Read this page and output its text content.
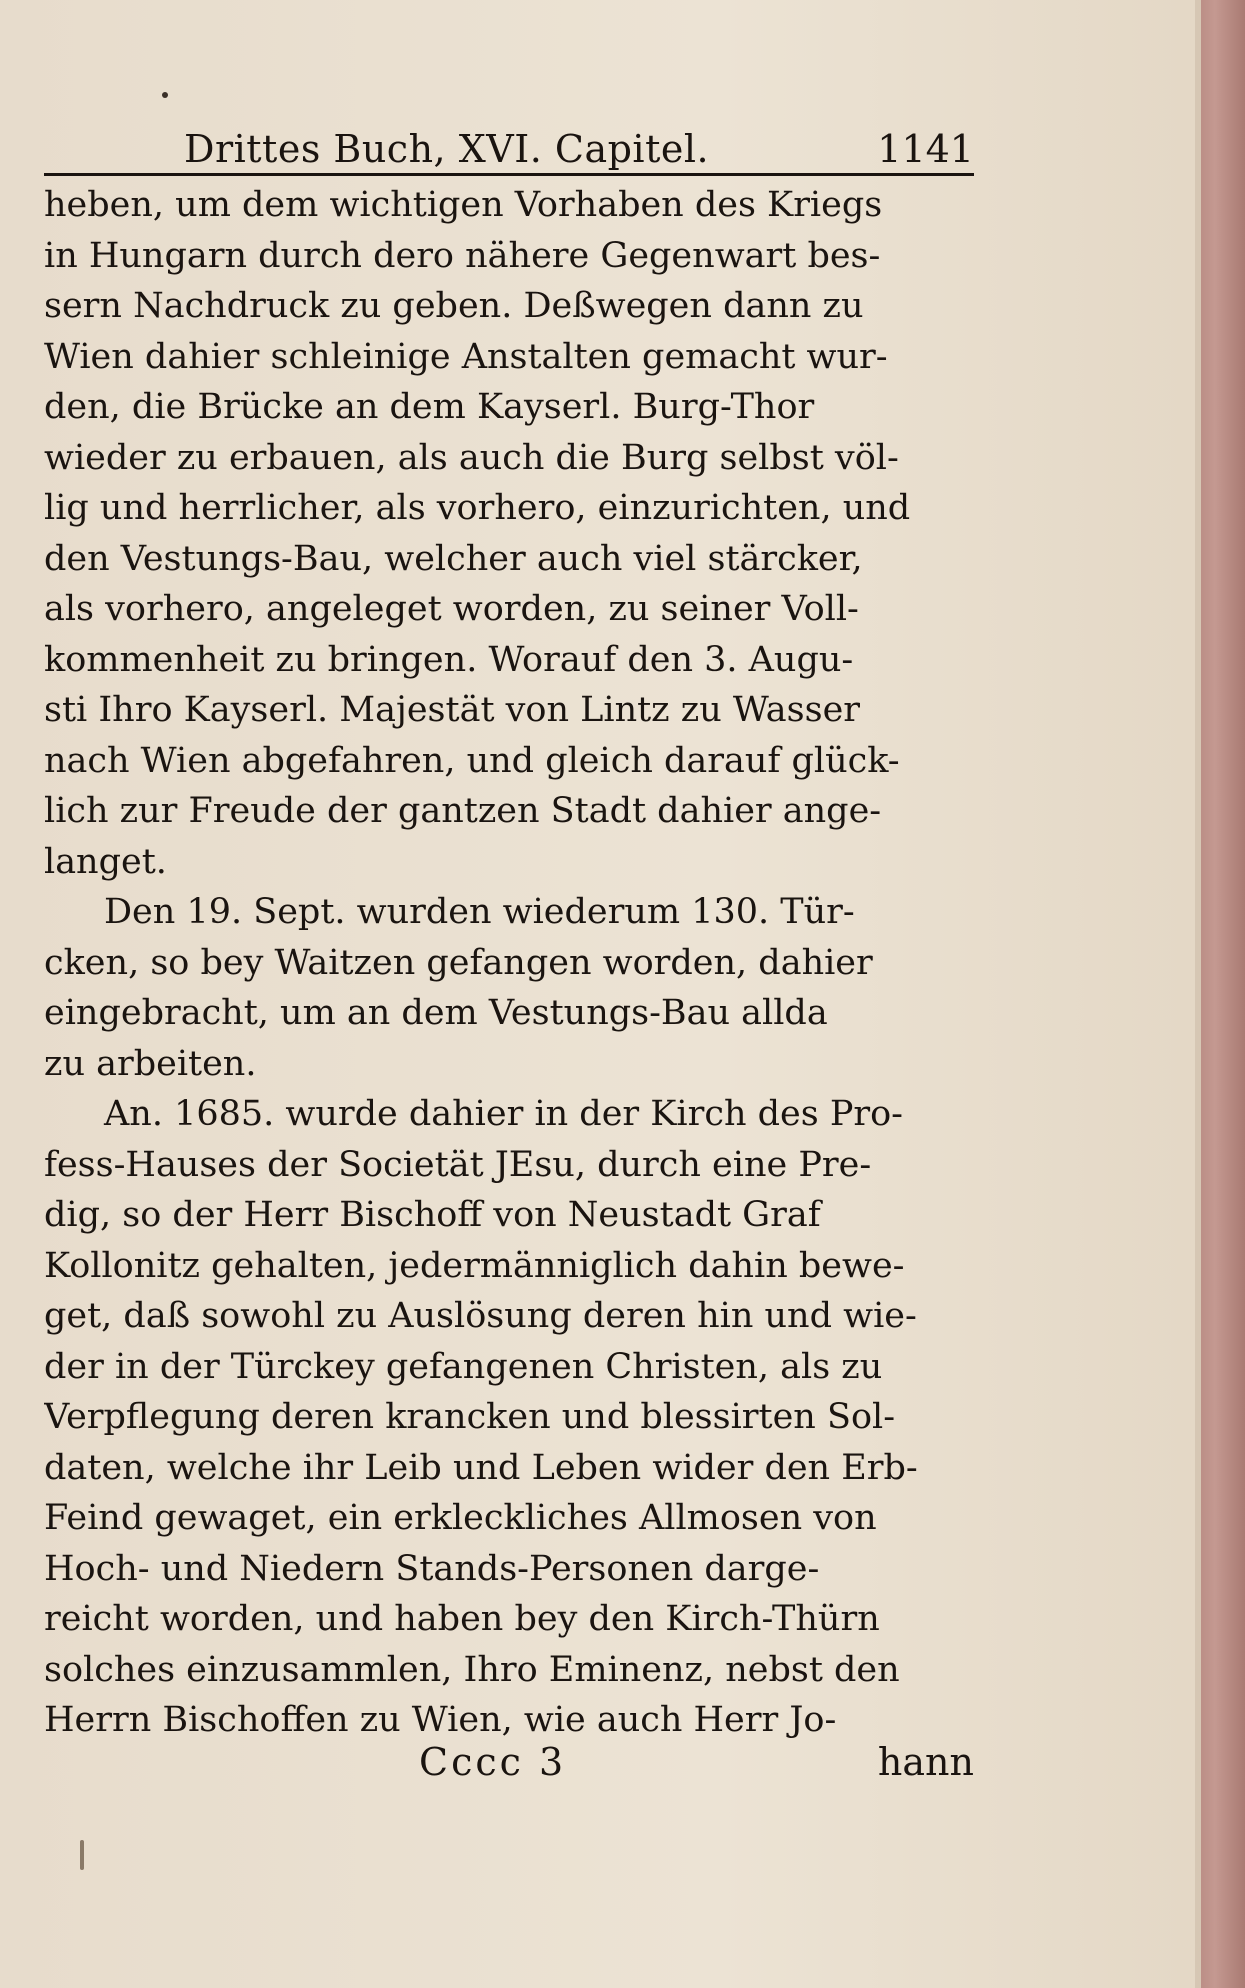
Drittes Buch, XVI. Capitel.	1141
heben, um dem wichtigen Vorhaben des Kriegs
in Hungarn durch dero nähere Gegenwart bes-
sern Nachdruck zu geben. Deßwegen dann zu
Wien dahier schleinige Anstalten gemacht wur-
den, die Brücke an dem Kayserl. Burg-Thor
wieder zu erbauen, als auch die Burg selbst völ-
lig und herrlicher, als vorhero, einzurichten, und
den Vestungs-Bau, welcher auch viel stärcker,
als vorhero, angeleget worden, zu seiner Voll-
kommenheit zu bringen. Worauf den 3. Augu-
sti Ihro Kayserl. Majestät von Lintz zu Wasser
nach Wien abgefahren, und gleich darauf glück-
lich zur Freude der gantzen Stadt dahier ange-
langet.
Den 19. Sept. wurden wiederum 130. Tür-
cken, so bey Waitzen gefangen worden, dahier
eingebracht, um an dem Vestungs-Bau allda
zu arbeiten.
An. 1685. wurde dahier in der Kirch des Pro-
fess-Hauses der Societät JEsu, durch eine Pre-
dig, so der Herr Bischoff von Neustadt Graf
Kollonitz gehalten, jedermänniglich dahin bewe-
get, daß sowohl zu Auslösung deren hin und wie-
der in der Türckey gefangenen Christen, als zu
Verpflegung deren krancken und blessirten Sol-
daten, welche ihr Leib und Leben wider den Erb-
Feind gewaget, ein erkleckliches Allmosen von
Hoch- und Niedern Stands-Personen darge-
reicht worden, und haben bey den Kirch-Thürn
solches einzusammlen, Ihro Eminenz, nebst den
Herrn Bischoffen zu Wien, wie auch Herr Jo-
Cccc 3	hann
